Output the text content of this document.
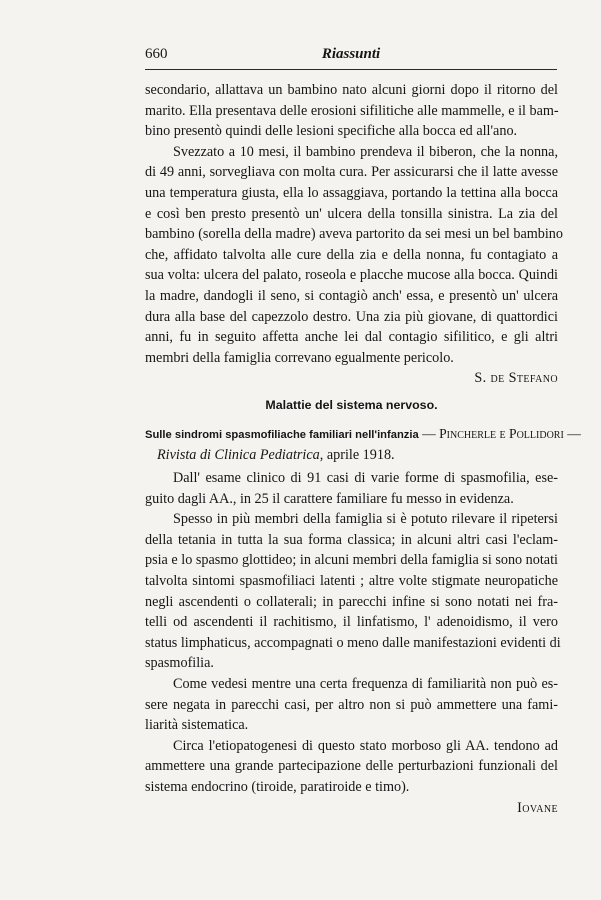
660	Riassunti
secondario, allattava un bambino nato alcuni giorni dopo il ritorno del
marito. Ella presentava delle erosioni sifilitiche alle mammelle, e il bam-
bino presentò quindi delle lesioni specifiche alla bocca ed all'ano.
Svezzato a 10 mesi, il bambino prendeva il biberon, che la nonna,
di 49 anni, sorvegliava con molta cura. Per assicurarsi che il latte avesse
una temperatura giusta, ella lo assaggiava, portando la tettina alla bocca
e così ben presto presentò un' ulcera della tonsilla sinistra. La zia del
bambino (sorella della madre) aveva partorito da sei mesi un bel bambino
che, affidato talvolta alle cure della zia e della nonna, fu contagiato a
sua volta: ulcera del palato, roseola e placche mucose alla bocca. Quindi
la madre, dandogli il seno, si contagiò anch' essa, e presentò un' ulcera
dura alla base del capezzolo destro. Una zia più giovane, di quattordici
anni, fu in seguito affetta anche lei dal contagio sifilitico, e gli altri
membri della famiglia correvano egualmente pericolo.
S. de Stefano
Malattie del sistema nervoso.
Sulle sindromi spasmofiliache familiari nell'infanzia — Pincherle e Pollidori —
Rivista di Clinica Pediatrica, aprile 1918.
Dall' esame clinico di 91 casi di varie forme di spasmofilia, ese-
guito dagli AA., in 25 il carattere familiare fu messo in evidenza.
Spesso in più membri della famiglia si è potuto rilevare il ripetersi
della tetania in tutta la sua forma classica; in alcuni altri casi l'eclam-
psia e lo spasmo glottideo; in alcuni membri della famiglia si sono notati
talvolta sintomi spasmofiliaci latenti ; altre volte stigmate neuropatiche
negli ascendenti o collaterali; in parecchi infine si sono notati nei fra-
telli od ascendenti il rachitismo, il linfatismo, l' adenoidismo, il vero
status limphaticus, accompagnati o meno dalle manifestazioni evidenti di
spasmofilia.
Come vedesi mentre una certa frequenza di familiarità non può es-
sere negata in parecchi casi, per altro non si può ammettere una fami-
liarità sistematica.
Circa l'etiopatogenesi di questo stato morboso gli AA. tendono ad
ammettere una grande partecipazione delle perturbazioni funzionali del
sistema endocrino (tiroide, paratiroide e timo).
Iovane
